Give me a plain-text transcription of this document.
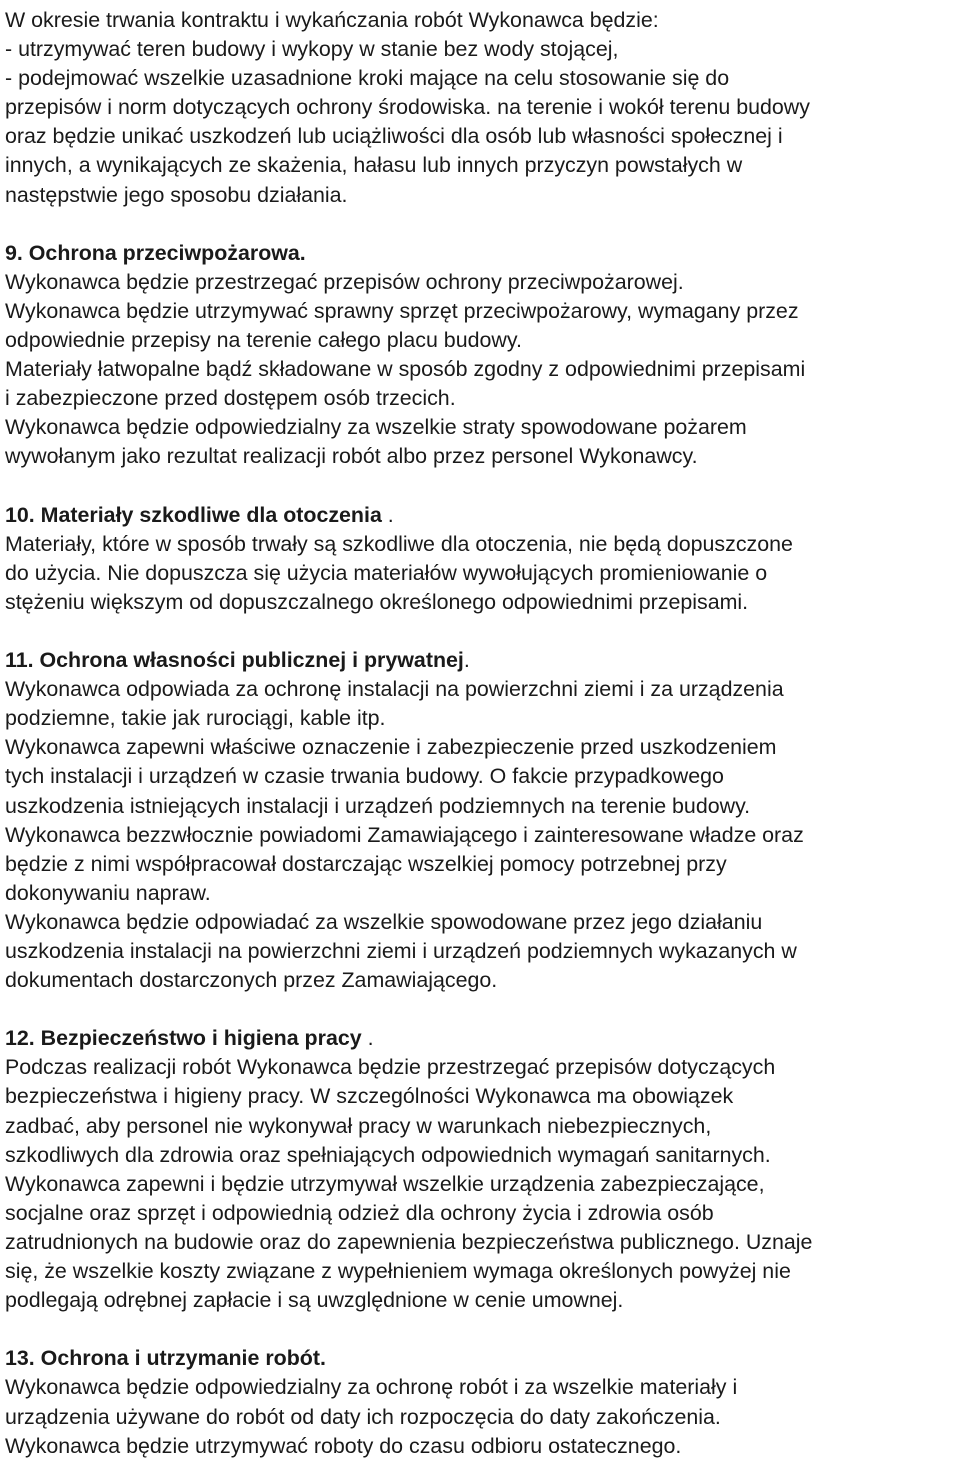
W okresie trwania kontraktu i wykańczania robót Wykonawca będzie:
- utrzymywać teren budowy i wykopy w stanie bez wody stojącej,
- podejmować wszelkie uzasadnione kroki mające na celu stosowanie się do
przepisów i norm dotyczących ochrony środowiska. na terenie i wokół terenu budowy
oraz będzie unikać uszkodzeń lub uciążliwości dla osób lub własności społecznej i
innych, a wynikających ze skażenia, hałasu lub innych przyczyn powstałych w
następstwie jego sposobu działania.
9. Ochrona przeciwpożarowa.
Wykonawca będzie przestrzegać przepisów ochrony przeciwpożarowej.
Wykonawca będzie utrzymywać sprawny sprzęt przeciwpożarowy, wymagany przez
odpowiednie przepisy na terenie całego placu budowy.
Materiały łatwopalne bądź składowane w sposób zgodny z odpowiednimi przepisami
i zabezpieczone przed dostępem osób trzecich.
Wykonawca będzie odpowiedzialny za wszelkie straty spowodowane pożarem
wywołanym jako rezultat realizacji robót albo przez personel Wykonawcy.
10. Materiały szkodliwe dla otoczenia .
Materiały, które w sposób trwały są szkodliwe dla otoczenia, nie będą dopuszczone
do użycia. Nie dopuszcza się użycia materiałów wywołujących promieniowanie o
stężeniu większym od dopuszczalnego określonego odpowiednimi przepisami.
11. Ochrona własności publicznej i prywatnej.
Wykonawca odpowiada za ochronę instalacji na powierzchni ziemi i za urządzenia
podziemne, takie jak rurociągi, kable itp.
Wykonawca zapewni właściwe oznaczenie i zabezpieczenie przed uszkodzeniem
tych instalacji i urządzeń w czasie trwania budowy. O fakcie przypadkowego
uszkodzenia istniejących instalacji i urządzeń podziemnych na terenie budowy.
Wykonawca bezzwłocznie powiadomi Zamawiającego i zainteresowane władze oraz
będzie z nimi współpracował dostarczając wszelkiej pomocy potrzebnej przy
dokonywaniu napraw.
Wykonawca będzie odpowiadać za wszelkie spowodowane przez jego działaniu
uszkodzenia instalacji na powierzchni ziemi i urządzeń podziemnych wykazanych w
dokumentach dostarczonych przez Zamawiającego.
12. Bezpieczeństwo i higiena pracy .
Podczas realizacji robót Wykonawca będzie przestrzegać przepisów dotyczących
bezpieczeństwa i higieny pracy. W szczególności Wykonawca ma obowiązek
zadbać, aby personel nie wykonywał pracy w warunkach niebezpiecznych,
szkodliwych dla zdrowia oraz spełniających odpowiednich wymagań sanitarnych.
Wykonawca zapewni i będzie utrzymywał wszelkie urządzenia zabezpieczające,
socjalne oraz sprzęt i odpowiednią odzież dla ochrony życia i zdrowia osób
zatrudnionych na budowie oraz do zapewnienia bezpieczeństwa publicznego. Uznaje
się, że wszelkie koszty związane z wypełnieniem wymaga określonych powyżej nie
podlegają odrębnej zapłacie i są uwzględnione w cenie umownej.
13. Ochrona i utrzymanie robót.
Wykonawca będzie odpowiedzialny za ochronę robót i za wszelkie materiały i
urządzenia używane do robót od daty ich rozpoczęcia do daty zakończenia.
Wykonawca będzie utrzymywać roboty do czasu odbioru ostatecznego.
